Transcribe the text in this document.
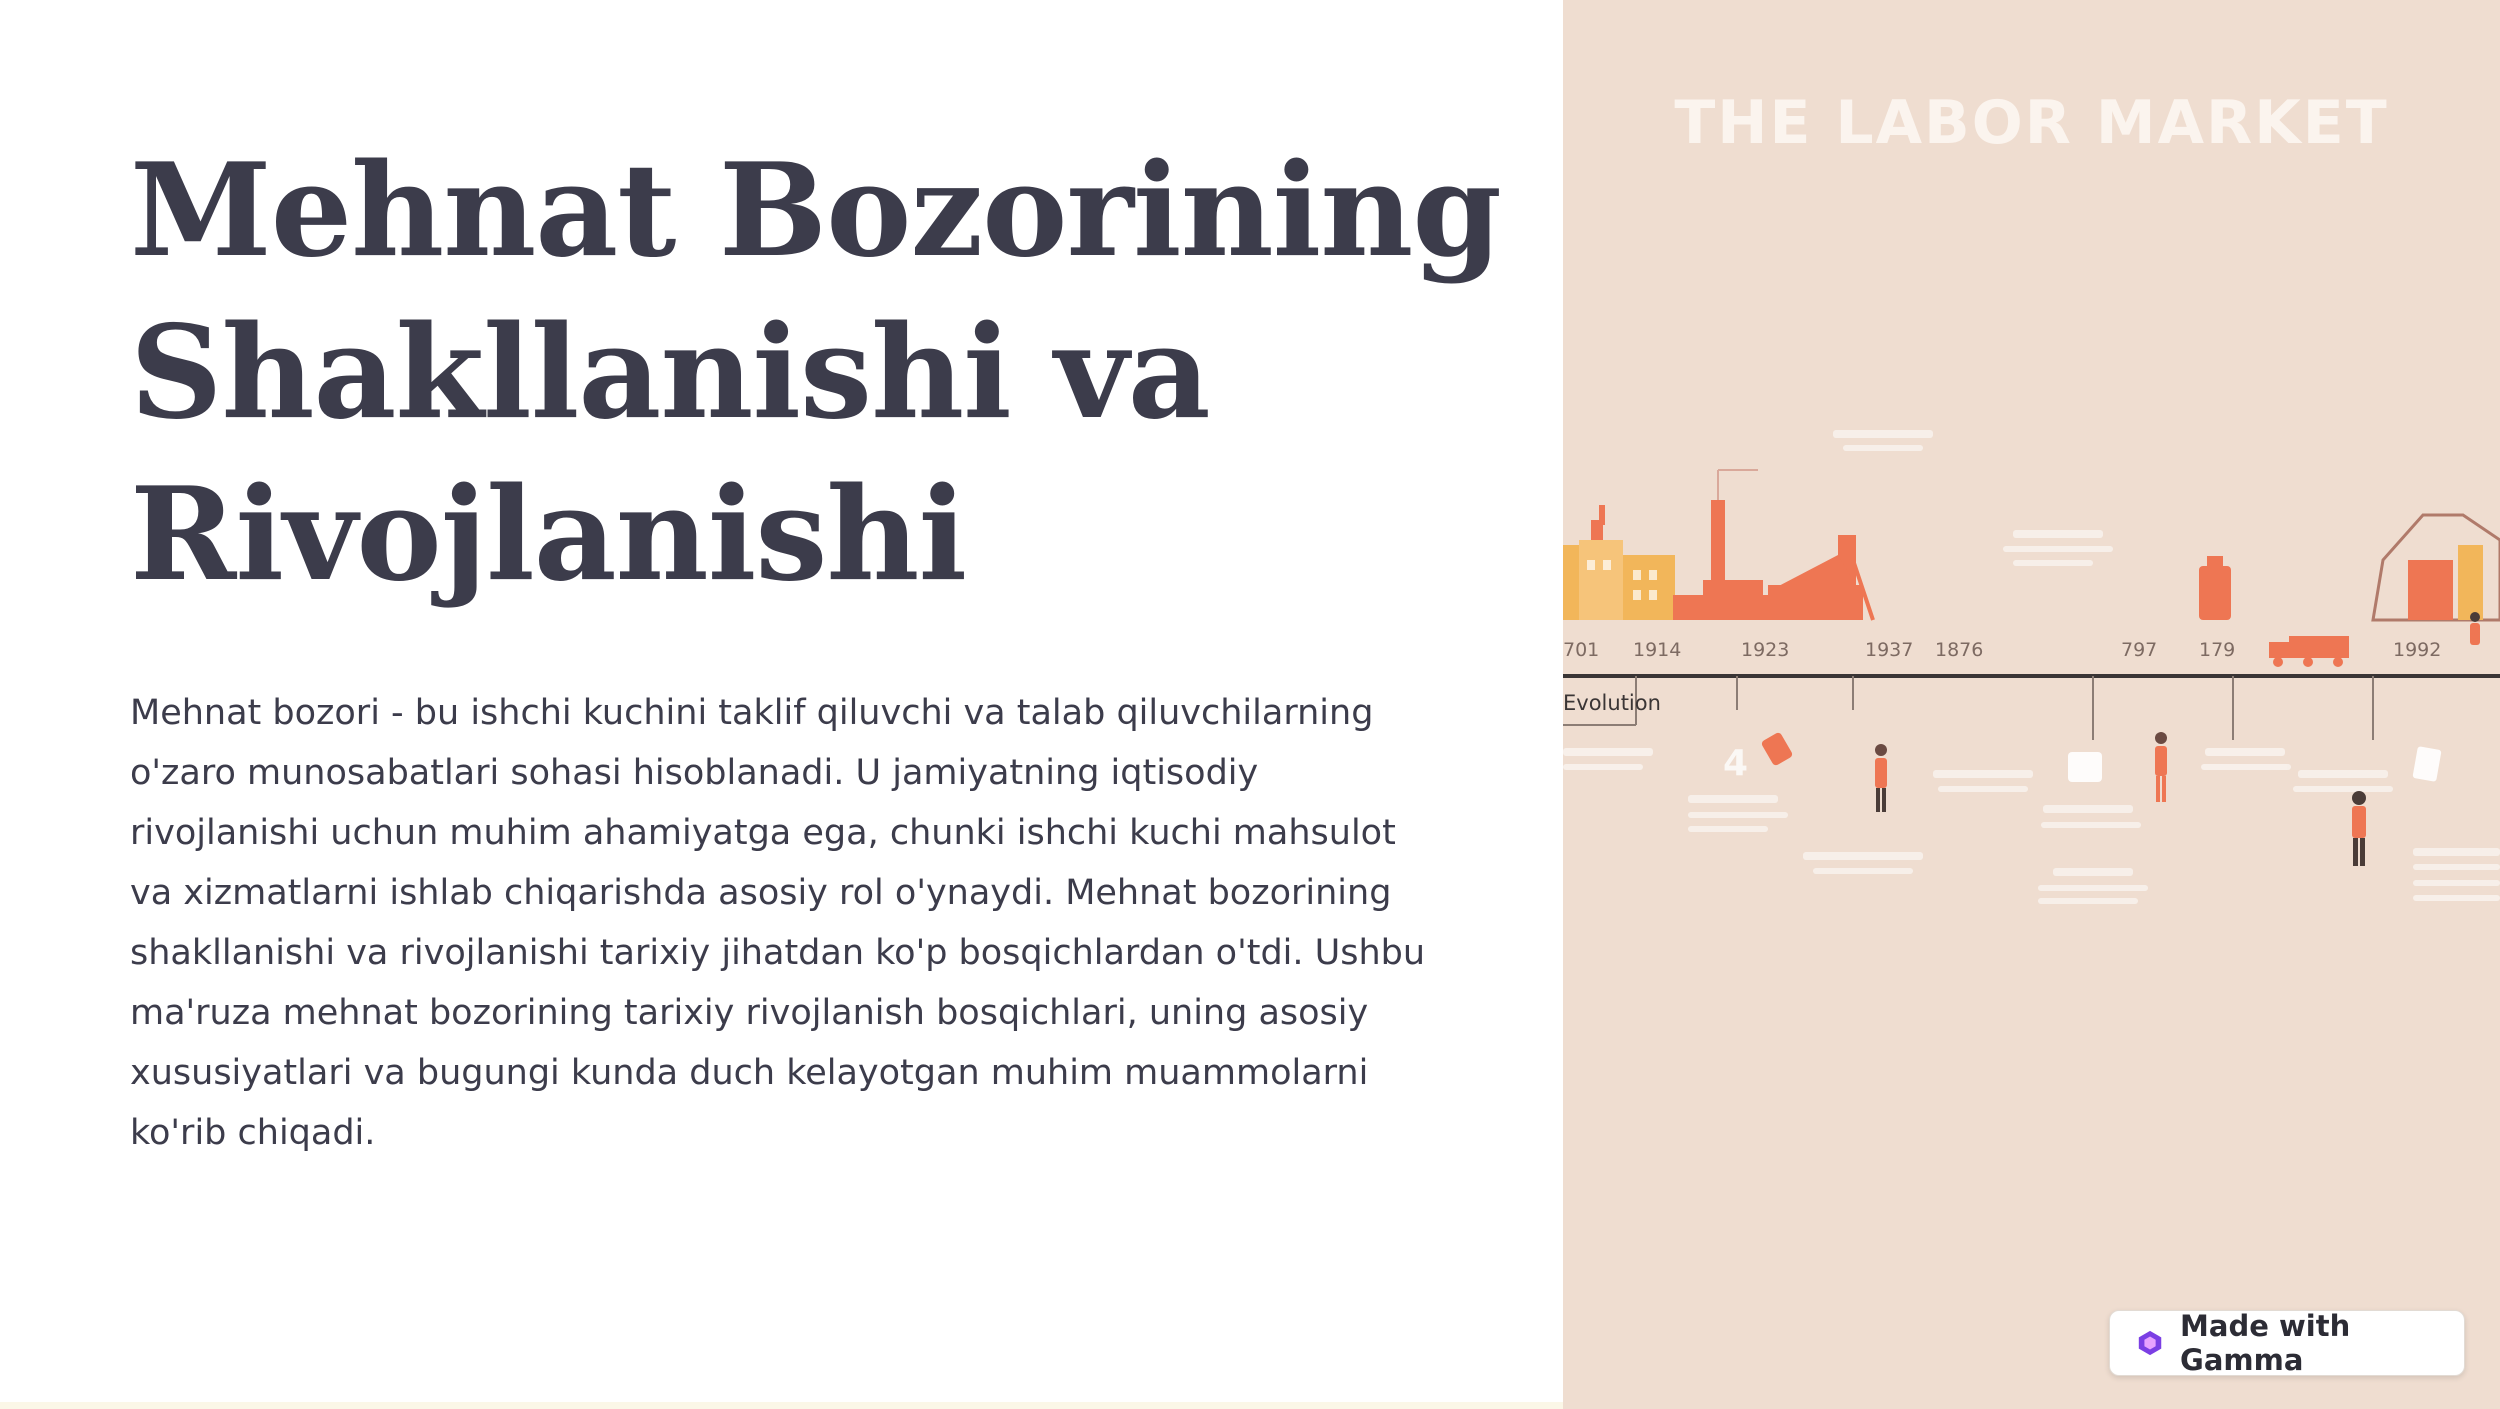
Mehnat Bozorining
Shakllanishi va
Rivojlanishi

Mehnat bozori - bu ishchi kuchini taklif qiluvchi va talab qiluvchilarning o'zaro munosabatlari sohasi hisoblanadi. U jamiyatning iqtisodiy rivojlanishi uchun muhim ahamiyatga ega, chunki ishchi kuchi mahsulot va xizmatlarni ishlab chiqarishda asosiy rol o'ynaydi. Mehnat bozorining shakllanishi va rivojlanishi tarixiy jihatdan ko'p bosqichlardan o'tdi. Ushbu ma'ruza mehnat bozorining tarixiy rivojlanish bosqichlari, uning asosiy xususiyatlari va bugungi kunda duch kelayotgan muhim muammolarni ko'rib chiqadi.

THE LABOR MARKET
701 1914	1923	1937 1876	797 179	1992
Evolution
4
Made with Gamma
